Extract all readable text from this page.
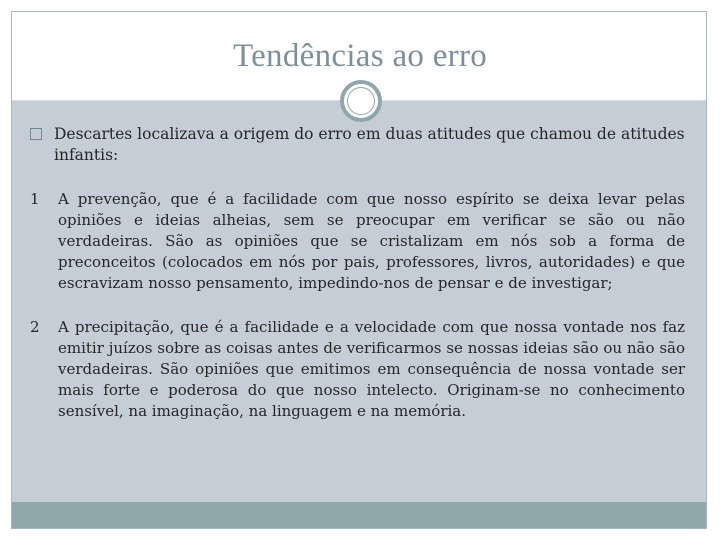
Tendências ao erro
Descartes localizava a origem do erro em duas atitudes que chamou de atitudes infantis:
1 A prevenção, que é a facilidade com que nosso espírito se deixa levar pelas opiniões e ideias alheias, sem se preocupar em verificar se são ou não verdadeiras. São as opiniões que se cristalizam em nós sob a forma de preconceitos (colocados em nós por pais, professores, livros, autoridades) e que escravizam nosso pensamento, impedindo-nos de pensar e de investigar;
2 A precipitação, que é a facilidade e a velocidade com que nossa vontade nos faz emitir juízos sobre as coisas antes de verificarmos se nossas ideias são ou não são verdadeiras. São opiniões que emitimos em consequência de nossa vontade ser mais forte e poderosa do que nosso intelecto. Originam-se no conhecimento sensível, na imaginação, na linguagem e na memória.
